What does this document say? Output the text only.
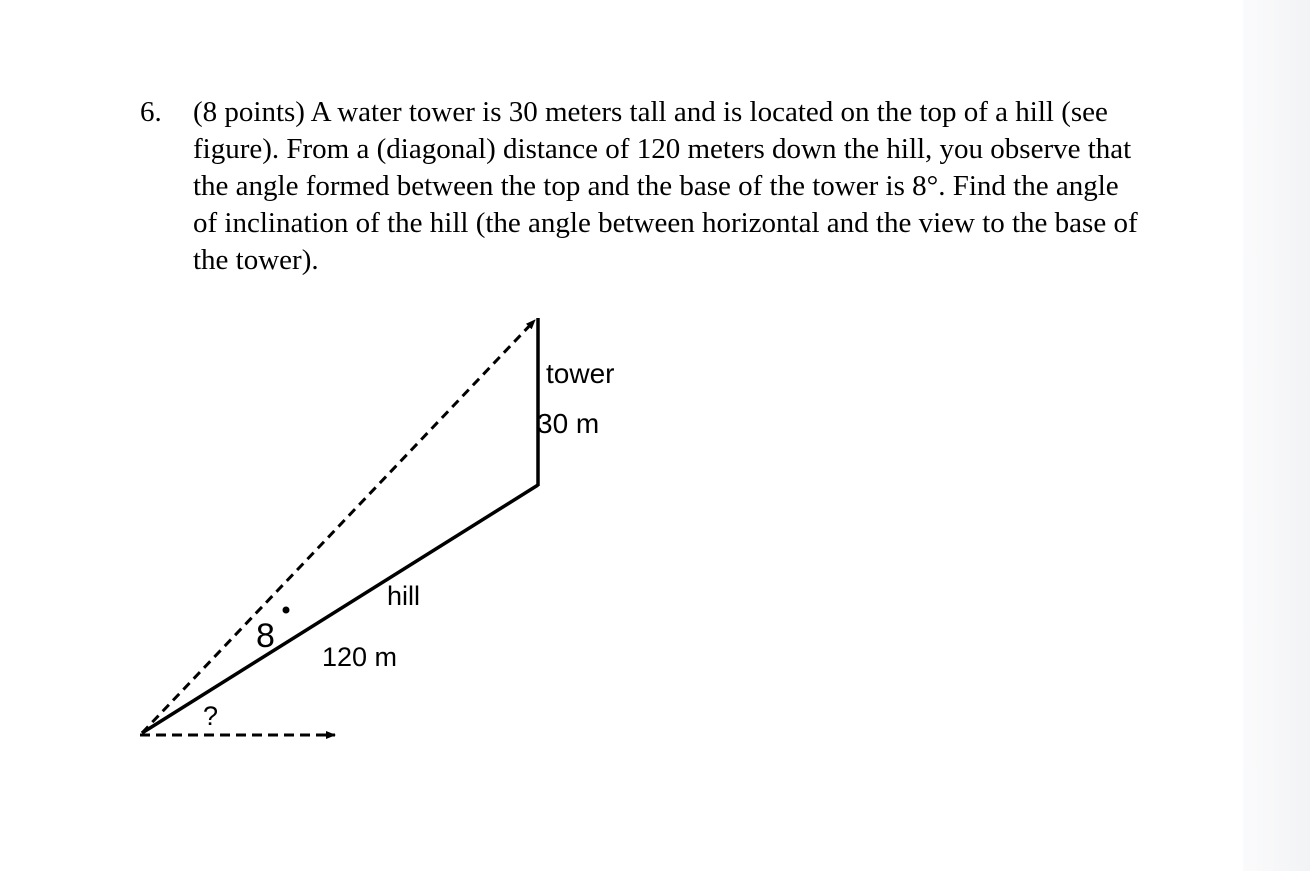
6. (8 points) A water tower is 30 meters tall and is located on the top of a hill (see
figure). From a (diagonal) distance of 120 meters down the hill, you observe that
the angle formed between the top and the base of the tower is 8°. Find the angle
of inclination of the hill (the angle between horizontal and the view to the base of
the tower).
tower
30 m
hill
120 m
8
?
